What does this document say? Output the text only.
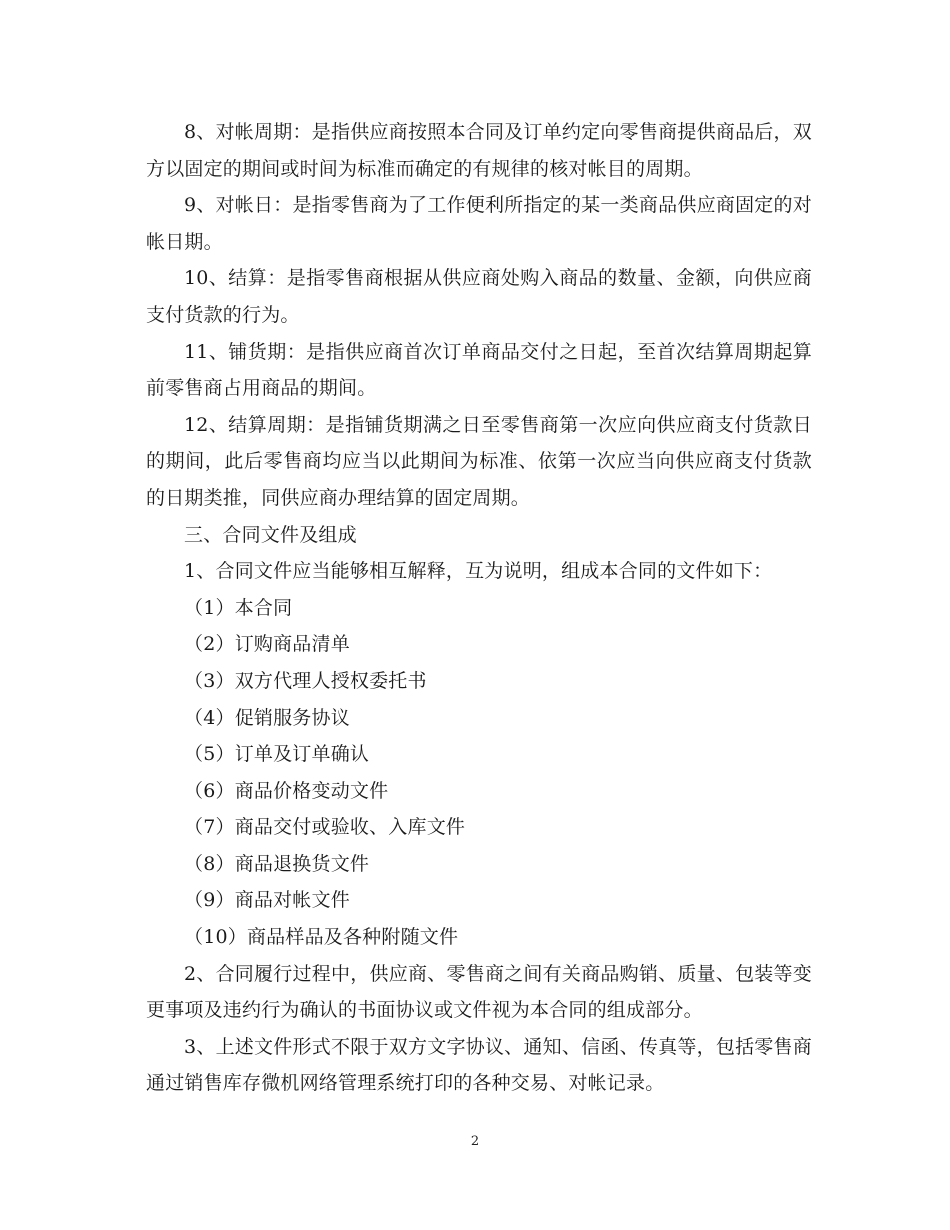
8、对帐周期：是指供应商按照本合同及订单约定向零售商提供商品后，双方以固定的期间或时间为标准而确定的有规律的核对帐目的周期。

9、对帐日：是指零售商为了工作便利所指定的某一类商品供应商固定的对帐日期。

10、结算：是指零售商根据从供应商处购入商品的数量、金额，向供应商支付货款的行为。

11、铺货期：是指供应商首次订单商品交付之日起，至首次结算周期起算前零售商占用商品的期间。

12、结算周期：是指铺货期满之日至零售商第一次应向供应商支付货款日的期间，此后零售商均应当以此期间为标准、依第一次应当向供应商支付货款的日期类推，同供应商办理结算的固定周期。

三、合同文件及组成

1、合同文件应当能够相互解释，互为说明，组成本合同的文件如下：

（1）本合同

（2）订购商品清单

（3）双方代理人授权委托书

（4）促销服务协议

（5）订单及订单确认

（6）商品价格变动文件

（7）商品交付或验收、入库文件

（8）商品退换货文件

（9）商品对帐文件

（10）商品样品及各种附随文件

2、合同履行过程中，供应商、零售商之间有关商品购销、质量、包装等变更事项及违约行为确认的书面协议或文件视为本合同的组成部分。

3、上述文件形式不限于双方文字协议、通知、信函、传真等，包括零售商通过销售库存微机网络管理系统打印的各种交易、对帐记录。

2
